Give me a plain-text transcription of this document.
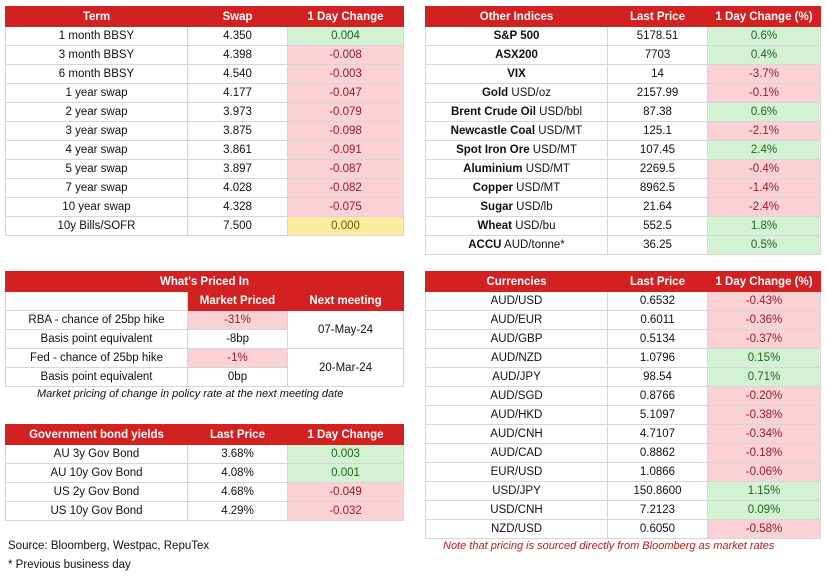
Term	Swap	1 Day Change
1 month BBSY	4.350	0.004
3 month BBSY	4.398	-0.008
6 month BBSY	4.540	-0.003
1 year swap	4.177	-0.047
2 year swap	3.973	-0.079
3 year swap	3.875	-0.098
4 year swap	3.861	-0.091
5 year swap	3.897	-0.087
7 year swap	4.028	-0.082
10 year swap	4.328	-0.075
10y Bills/SOFR	7.500	0.000
Other Indices	Last Price	1 Day Change (%)
S&P 500	5178.51	0.6%
ASX200	7703	0.4%
VIX	14	-3.7%
Gold USD/oz	2157.99	-0.1%
Brent Crude Oil USD/bbl	87.38	0.6%
Newcastle Coal USD/MT	125.1	-2.1%
Spot Iron Ore USD/MT	107.45	2.4%
Aluminium USD/MT	2269.5	-0.4%
Copper USD/MT	8962.5	-1.4%
Sugar USD/lb	21.64	-2.4%
Wheat USD/bu	552.5	1.8%
ACCU AUD/tonne*	36.25	0.5%
What's Priced In		
	Market Priced	Next meeting
RBA - chance of 25bp hike	-31%	07-May-24
Basis point equivalent	-8bp	
Fed - chance of 25bp hike	-1%	20-Mar-24
Basis point equivalent	0bp	
Market pricing of change in policy rate at the next meeting date
Government bond yields	Last Price	1 Day Change
AU 3y Gov Bond	3.68%	0.003
AU 10y Gov Bond	4.08%	0.001
US 2y Gov Bond	4.68%	-0.049
US 10y Gov Bond	4.29%	-0.032
Currencies	Last Price	1 Day Change (%)
AUD/USD	0.6532	-0.43%
AUD/EUR	0.6011	-0.36%
AUD/GBP	0.5134	-0.37%
AUD/NZD	1.0796	0.15%
AUD/JPY	98.54	0.71%
AUD/SGD	0.8766	-0.20%
AUD/HKD	5.1097	-0.38%
AUD/CNH	4.7107	-0.34%
AUD/CAD	0.8862	-0.18%
EUR/USD	1.0866	-0.06%
USD/JPY	150.8600	1.15%
USD/CNH	7.2123	0.09%
NZD/USD	0.6050	-0.58%
Note that pricing is sourced directly from Bloomberg as market rates
Source: Bloomberg, Westpac, RepuTex
* Previous business day
